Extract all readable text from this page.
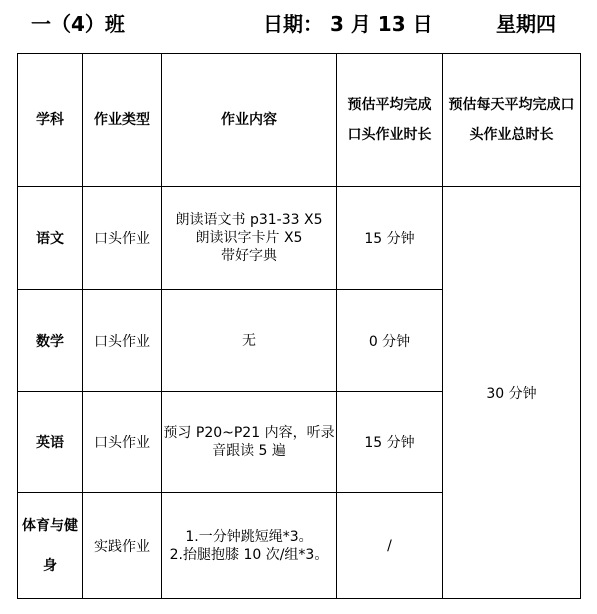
一（4）班	日期： 3 月 13 日	星期四
学科	作业类型	作业内容	预估平均完成口头作业时长	预估每天平均完成口头作业总时长
语文	口头作业	朗读语文书 p31-33 X5
朗读识字卡片 X5
带好字典	15 分钟	30 分钟
数学	口头作业	无	0 分钟	
英语	口头作业	预习 P20~P21 内容，听录
音跟读 5 遍	15 分钟	
体育与健身	实践作业	1.一分钟跳短绳*3。
2.抬腿抱膝 10 次/组*3。	/	
